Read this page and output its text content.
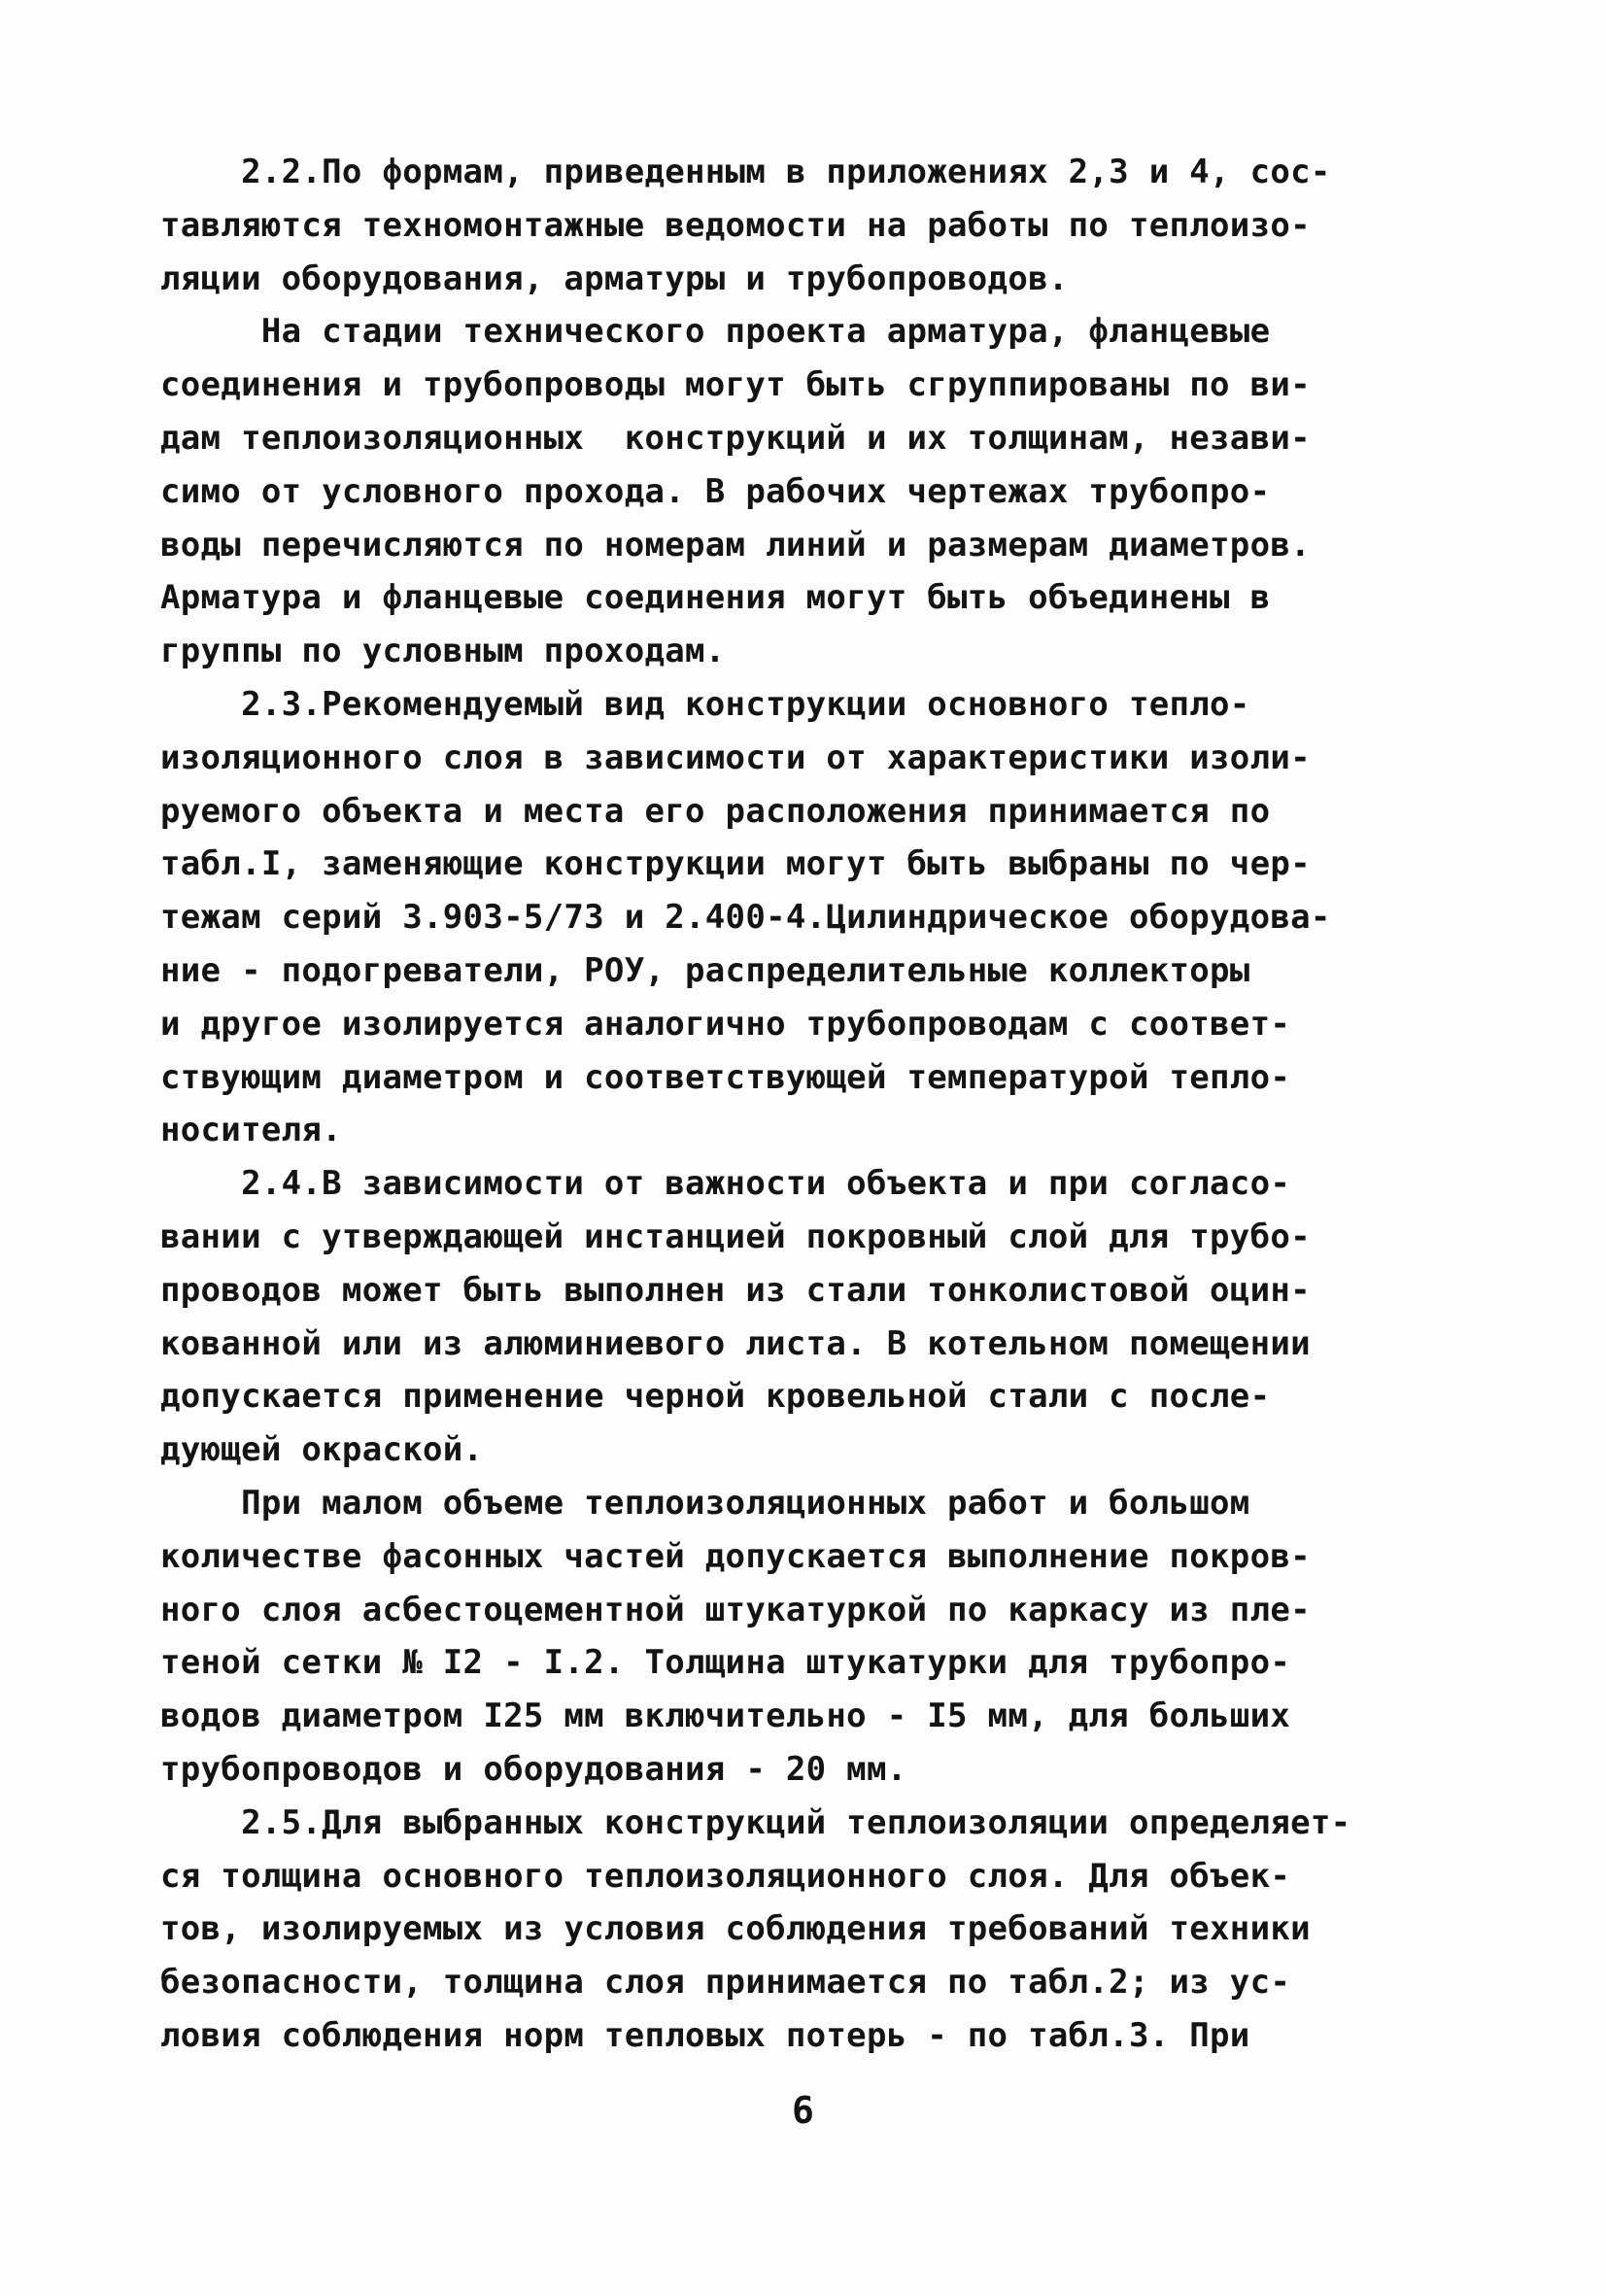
2.2.По формам, приведенным в приложениях 2,3 и 4, сос-
тавляются техномонтажные ведомости на работы по теплоизо-
ляции оборудования, арматуры и трубопроводов.
На стадии технического проекта арматура, фланцевые
соединения и трубопроводы могут быть сгруппированы по ви-
дам теплоизоляционных  конструкций и их толщинам, незави-
симо от условного прохода. В рабочих чертежах трубопро-
воды перечисляются по номерам линий и размерам диаметров.
Арматура и фланцевые соединения могут быть объединены в
группы по условным проходам.
2.3.Рекомендуемый вид конструкции основного тепло-
изоляционного слоя в зависимости от характеристики изоли-
руемого объекта и места его расположения принимается по
табл.I, заменяющие конструкции могут быть выбраны по чер-
тежам серий 3.903-5/73 и 2.400-4.Цилиндрическое оборудова-
ние - подогреватели, РОУ, распределительные коллекторы
и другое изолируется аналогично трубопроводам с соответ-
ствующим диаметром и соответствующей температурой тепло-
носителя.
2.4.В зависимости от важности объекта и при согласо-
вании с утверждающей инстанцией покровный слой для трубо-
проводов может быть выполнен из стали тонколистовой оцин-
кованной или из алюминиевого листа. В котельном помещении
допускается применение черной кровельной стали с после-
дующей окраской.
При малом объеме теплоизоляционных работ и большом
количестве фасонных частей допускается выполнение покров-
ного слоя асбестоцементной штукатуркой по каркасу из пле-
теной сетки № I2 - I.2. Толщина штукатурки для трубопро-
водов диаметром I25 мм включительно - I5 мм, для больших
трубопроводов и оборудования - 20 мм.
2.5.Для выбранных конструкций теплоизоляции определяет-
ся толщина основного теплоизоляционного слоя. Для объек-
тов, изолируемых из условия соблюдения требований техники
безопасности, толщина слоя принимается по табл.2; из ус-
ловия соблюдения норм тепловых потерь - по табл.3. При
6
